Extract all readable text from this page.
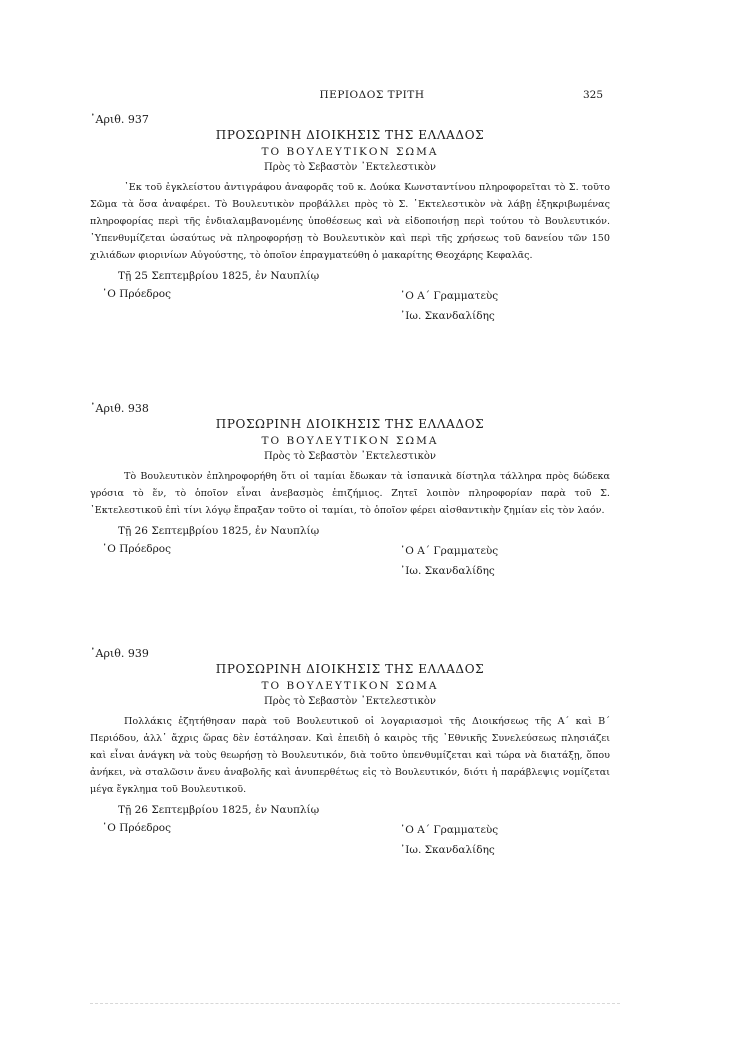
ΠΕΡΙΟΔΟΣ ΤΡΙΤΗ	325

᾿Αριθ. 937

ΠΡΟΣΩΡΙΝΗ ΔΙΟΙΚΗΣΙΣ ΤΗΣ ΕΛΛΑΔΟΣ

ΤΟ ΒΟΥΛΕΥΤΙΚΟΝ ΣΩΜΑ

Πρὸς τὸ Σεβαστὸν ᾿Εκτελεστικὸν

᾿Εκ τοῦ ἐγκλείστου ἀντιγράφου ἀναφορᾶς τοῦ κ. Δούκα Κωνσταντίνου πληροφορεῖται τὸ Σ. τοῦτο Σῶμα τὰ ὅσα ἀναφέρει. Τὸ Βουλευτικὸν προβάλλει πρὸς τὸ Σ. ᾿Εκτελεστικὸν νὰ λάβῃ ἐξηκριβωμένας πληροφορίας περὶ τῆς ἐνδιαλαμβανομένης ὑποθέσεως καὶ νὰ εἰδοποιήσῃ περὶ τούτου τὸ Βουλευτικόν. ῾Υπενθυμίζεται ὡσαύτως νὰ πληροφορήσῃ τὸ Βουλευτικὸν καὶ περὶ τῆς χρήσεως τοῦ δανείου τῶν 150 χιλιάδων φιορινίων Αὐγούστης, τὸ ὁποῖον ἐπραγματεύθη ὁ μακαρίτης Θεοχάρης Κεφαλᾶς.

Τῇ 25 Σεπτεμβρίου 1825, ἐν Ναυπλίῳ

῾Ο Πρόεδρος	῾Ο Α΄ Γραμματεὺς
᾿Ιω. Σκανδαλίδης

᾿Αριθ. 938

ΠΡΟΣΩΡΙΝΗ ΔΙΟΙΚΗΣΙΣ ΤΗΣ ΕΛΛΑΔΟΣ

ΤΟ ΒΟΥΛΕΥΤΙΚΟΝ ΣΩΜΑ

Πρὸς τὸ Σεβαστὸν ᾿Εκτελεστικὸν

Τὸ Βουλευτικὸν ἐπληροφορήθη ὅτι οἱ ταμίαι ἔδωκαν τὰ ἱσπανικὰ δίστηλα τάλληρα πρὸς δώδεκα γρόσια τὸ ἕν, τὸ ὁποῖον εἶναι ἀνεβασμὸς ἐπιζήμιος. Ζητεῖ λοιπὸν πληροφορίαν παρὰ τοῦ Σ. ᾿Εκτελεστικοῦ ἐπὶ τίνι λόγῳ ἔπραξαν τοῦτο οἱ ταμίαι, τὸ ὁποῖον φέρει αἰσθαντικὴν ζημίαν εἰς τὸν λαόν.

Τῇ 26 Σεπτεμβρίου 1825, ἐν Ναυπλίῳ

῾Ο Πρόεδρος	῾Ο Α΄ Γραμματεὺς
᾿Ιω. Σκανδαλίδης

᾿Αριθ. 939

ΠΡΟΣΩΡΙΝΗ ΔΙΟΙΚΗΣΙΣ ΤΗΣ ΕΛΛΑΔΟΣ

ΤΟ ΒΟΥΛΕΥΤΙΚΟΝ ΣΩΜΑ

Πρὸς τὸ Σεβαστὸν ᾿Εκτελεστικὸν

Πολλάκις ἐζητήθησαν παρὰ τοῦ Βουλευτικοῦ οἱ λογαριασμοὶ τῆς Διοικήσεως τῆς Α΄ καὶ Β΄ Περιόδου, ἀλλ᾿ ἄχρις ὥρας δὲν ἐστάλησαν. Καὶ ἐπειδὴ ὁ καιρὸς τῆς ᾿Εθνικῆς Συνελεύσεως πλησιάζει καὶ εἶναι ἀνάγκη νὰ τοὺς θεωρήσῃ τὸ Βουλευτικόν, διὰ τοῦτο ὑπενθυμίζεται καὶ τώρα νὰ διατάξῃ, ὅπου ἀνήκει, νὰ σταλῶσιν ἄνευ ἀναβολῆς καὶ ἀνυπερθέτως εἰς τὸ Βουλευτικόν, διότι ἡ παράβλεψις νομίζεται μέγα ἔγκλημα τοῦ Βουλευτικοῦ.

Τῇ 26 Σεπτεμβρίου 1825, ἐν Ναυπλίῳ

῾Ο Πρόεδρος	῾Ο Α΄ Γραμματεὺς
᾿Ιω. Σκανδαλίδης
